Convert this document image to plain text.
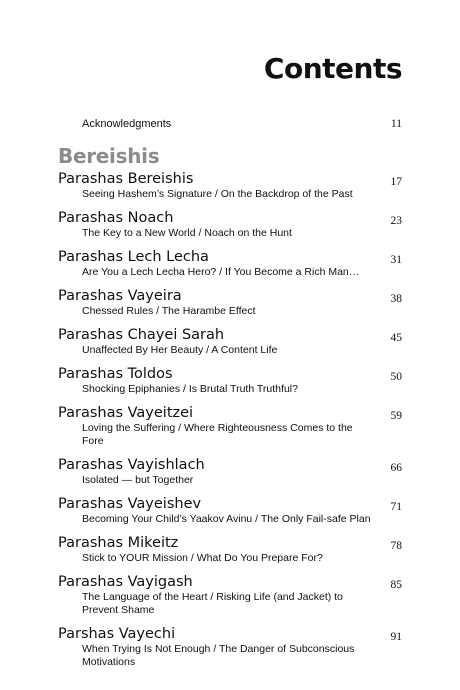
Contents
Acknowledgments	11
Bereishis
Parashas Bereishis
Seeing Hashem’s Signature / On the Backdrop of the Past
17
Parashas Noach
The Key to a New World / Noach on the Hunt
23
Parashas Lech Lecha
Are You a Lech Lecha Hero? / If You Become a Rich Man…
31
Parashas Vayeira
Chessed Rules / The Harambe Effect
38
Parashas Chayei Sarah
Unaffected By Her Beauty / A Content Life
45
Parashas Toldos
Shocking Epiphanies / Is Brutal Truth Truthful?
50
Parashas Vayeitzei
Loving the Suffering / Where Righteousness Comes to the Fore
59
Parashas Vayishlach
Isolated — but Together
66
Parashas Vayeishev
Becoming Your Child’s Yaakov Avinu / The Only Fail-safe Plan
71
Parashas Mikeitz
Stick to YOUR Mission / What Do You Prepare For?
78
Parashas Vayigash
The Language of the Heart / Risking Life (and Jacket) to Prevent Shame
85
Parshas Vayechi
When Trying Is Not Enough / The Danger of Subconscious Motivations
91
